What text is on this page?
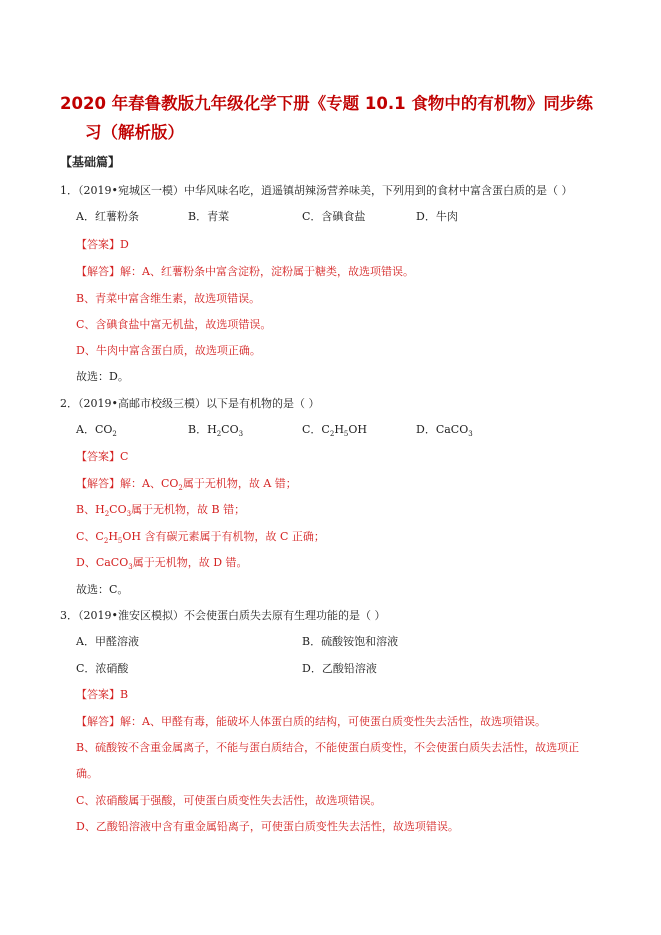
2020 年春鲁教版九年级化学下册《专题 10.1 食物中的有机物》同步练
习（解析版）
【基础篇】
1．（2019•宛城区一模）中华风味名吃，逍遥镇胡辣汤营养味美，下列用到的食材中富含蛋白质的是（ ）
A．红薯粉条	B．青菜	C．含碘食盐	D．牛肉
【答案】D
【解答】解：A、红薯粉条中富含淀粉，淀粉属于糖类，故选项错误。
B、青菜中富含维生素，故选项错误。
C、含碘食盐中富无机盐，故选项错误。
D、牛肉中富含蛋白质，故选项正确。
故选：D。
2．（2019•高邮市校级三模）以下是有机物的是（ ）
A．$CO_2$	B．$H_2CO_3$	C．$C_2H_5OH$	D．CaCO$_3$
【答案】C
【解答】解：A、$CO_2$属于无机物，故 A 错；
B、$H_2CO_3$属于无机物，故 B 错；
C、$C_2H_5OH$ 含有碳元素属于有机物，故 C 正确；
D、CaCO$_3$属于无机物，故 D 错。
故选：C。
3．（2019•淮安区模拟）不会使蛋白质失去原有生理功能的是（ ）
A．甲醛溶液	B．硫酸铵饱和溶液
C．浓硝酸	D．乙酸铅溶液
【答案】B
【解答】解：A、甲醛有毒，能破坏人体蛋白质的结构，可使蛋白质变性失去活性，故选项错误。
B、硫酸铵不含重金属离子，不能与蛋白质结合，不能使蛋白质变性，不会使蛋白质失去活性，故选项正
确。
C、浓硝酸属于强酸，可使蛋白质变性失去活性，故选项错误。
D、乙酸铅溶液中含有重金属铅离子，可使蛋白质变性失去活性，故选项错误。
